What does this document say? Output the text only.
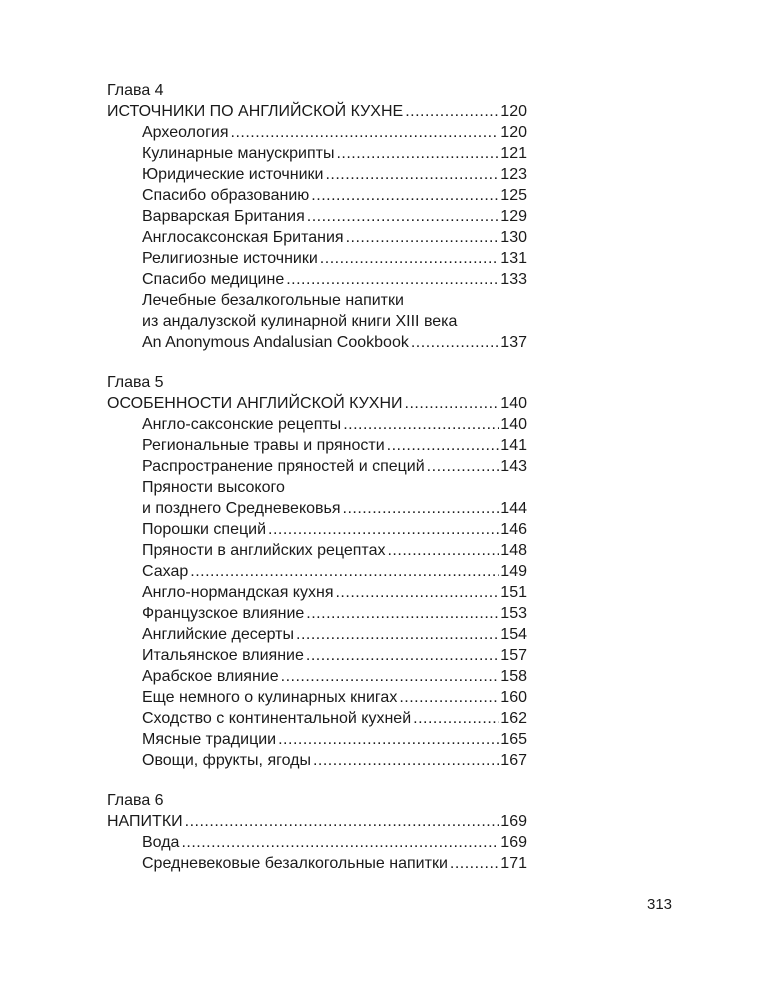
Глава 4
ИСТОЧНИКИ ПО АНГЛИЙСКОЙ КУХНЕ .....	120
Археология .....	120
Кулинарные манускрипты .....	121
Юридические источники .....	123
Спасибо образованию .....	125
Варварская Британия .....	129
Англосаксонская Британия .....	130
Религиозные источники .....	131
Спасибо медицине .....	133
Лечебные безалкогольные напитки
из андалузской кулинарной книги XIII века
An Anonymous Andalusian Cookbook .....	137
Глава 5
ОСОБЕННОСТИ АНГЛИЙСКОЙ КУХНИ .....	140
Англо-саксонские рецепты .....	140
Региональные травы и пряности .....	141
Распространение пряностей и специй .....	143
Пряности высокого
и позднего Средневековья .....	144
Порошки специй .....	146
Пряности в английских рецептах .....	148
Сахар .....	149
Англо-нормандская кухня .....	151
Французское влияние .....	153
Английские десерты .....	154
Итальянское влияние .....	157
Арабское влияние .....	158
Еще немного о кулинарных книгах .....	160
Сходство с континентальной кухней .....	162
Мясные традиции .....	165
Овощи, фрукты, ягоды .....	167
Глава 6
НАПИТКИ .....	169
Вода .....	169
Средневековые безалкогольные напитки .....	171
313
